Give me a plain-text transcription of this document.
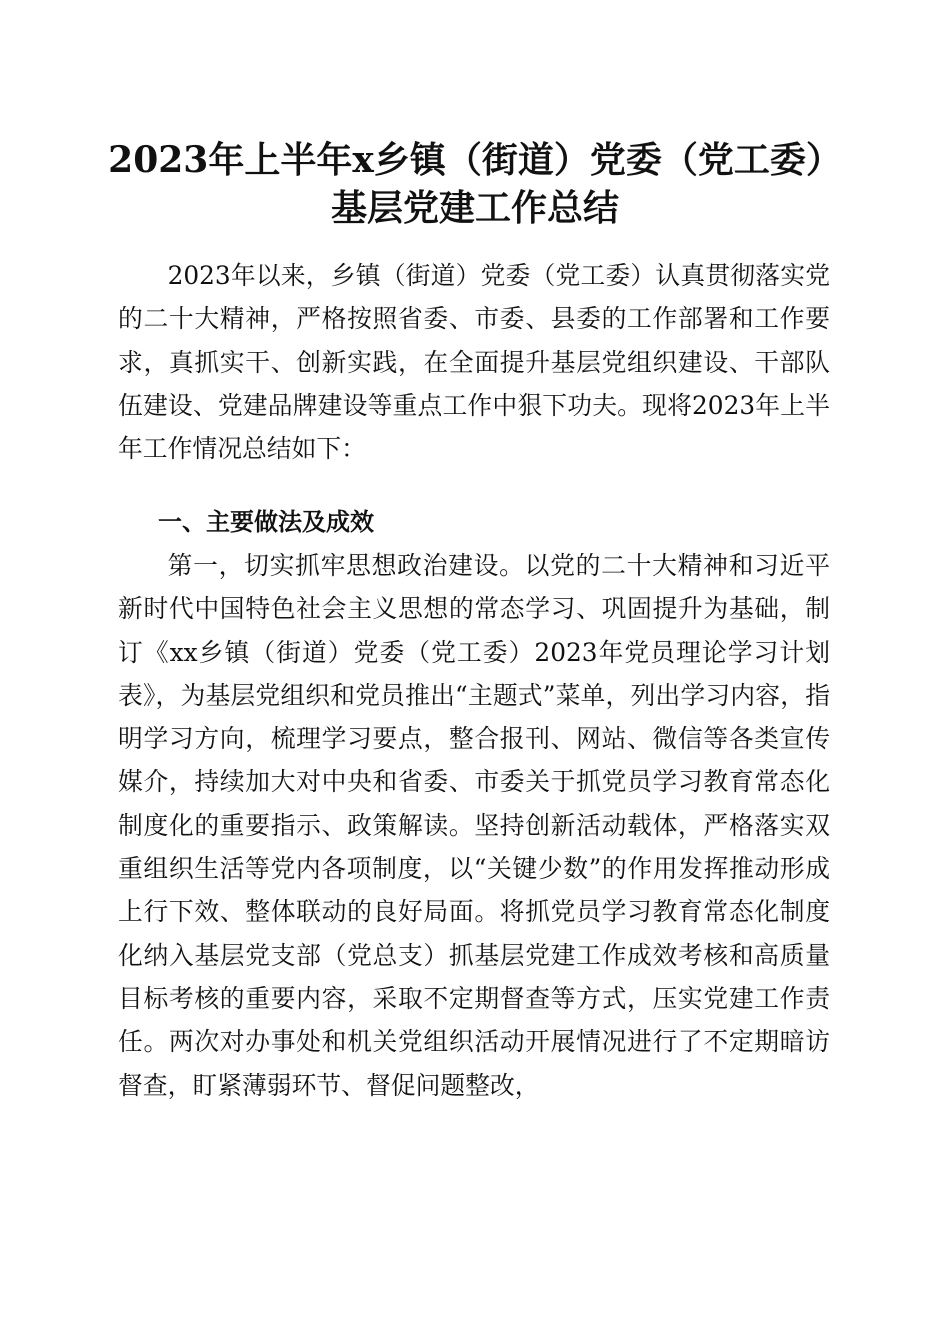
2023年上半年x乡镇（街道）党委（党工委）
基层党建工作总结

2023年以来，乡镇（街道）党委（党工委）认真贯彻落实党的二十大精神，严格按照省委、市委、县委的工作部署和工作要求，真抓实干、创新实践，在全面提升基层党组织建设、干部队伍建设、党建品牌建设等重点工作中狠下功夫。现将2023年上半年工作情况总结如下：

一、主要做法及成效

第一，切实抓牢思想政治建设。以党的二十大精神和习近平新时代中国特色社会主义思想的常态学习、巩固提升为基础，制订《xx乡镇（街道）党委（党工委）2023年党员理论学习计划表》，为基层党组织和党员推出“主题式”菜单，列出学习内容，指明学习方向，梳理学习要点，整合报刊、网站、微信等各类宣传媒介，持续加大对中央和省委、市委关于抓党员学习教育常态化制度化的重要指示、政策解读。坚持创新活动载体，严格落实双重组织生活等党内各项制度，以“关键少数”的作用发挥推动形成上行下效、整体联动的良好局面。将抓党员学习教育常态化制度化纳入基层党支部（党总支）抓基层党建工作成效考核和高质量目标考核的重要内容，采取不定期督查等方式，压实党建工作责任。两次对办事处和机关党组织活动开展情况进行了不定期暗访督查，盯紧薄弱环节、督促问题整改，
